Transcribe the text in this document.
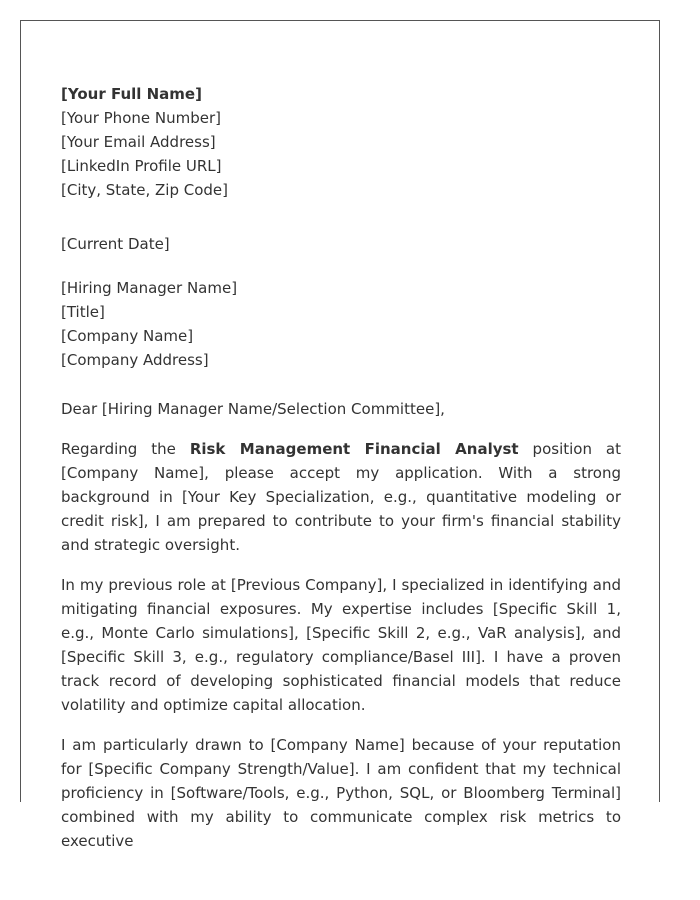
[Your Full Name]
[Your Phone Number]
[Your Email Address]
[LinkedIn Profile URL]
[City, State, Zip Code]
[Current Date]
[Hiring Manager Name]
[Title]
[Company Name]
[Company Address]

Dear [Hiring Manager Name/Selection Committee],

Regarding the Risk Management Financial Analyst position at [Company Name], please accept my application. With a strong background in [Your Key Specialization, e.g., quantitative modeling or credit risk], I am prepared to contribute to your firm's financial stability and strategic oversight.

In my previous role at [Previous Company], I specialized in identifying and mitigating financial exposures. My expertise includes [Specific Skill 1, e.g., Monte Carlo simulations], [Specific Skill 2, e.g., VaR analysis], and [Specific Skill 3, e.g., regulatory compliance/Basel III]. I have a proven track record of developing sophisticated financial models that reduce volatility and optimize capital allocation.

I am particularly drawn to [Company Name] because of your reputation for [Specific Company Strength/Value]. I am confident that my technical proficiency in [Software/Tools, e.g., Python, SQL, or Bloomberg Terminal] combined with my ability to communicate complex risk metrics to executive
